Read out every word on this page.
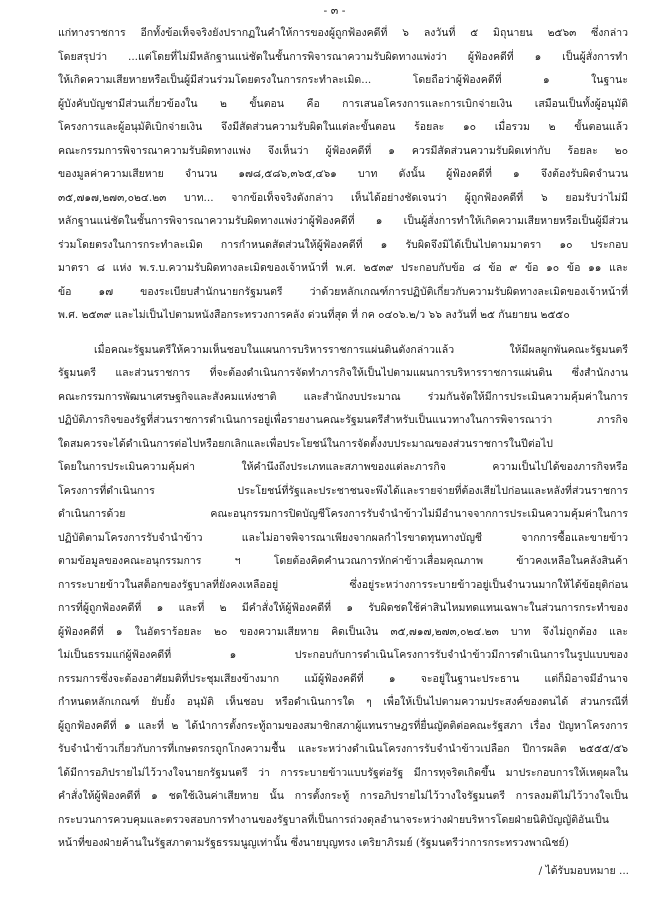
- ๓ -
แก่ทางราชการ อีกทั้งข้อเท็จจริงยังปรากฏในคำให้การของผู้ถูกฟ้องคดีที่ ๖ ลงวันที่ ๕ มิถุนายน ๒๕๖๓ ซึ่งกล่าว
โดยสรุปว่า ...แต่โดยที่ไม่มีหลักฐานแน่ชัดในชั้นการพิจารณาความรับผิดทางแพ่งว่า ผู้ฟ้องคดีที่ ๑ เป็นผู้สั่งการทำ
ให้เกิดความเสียหายหรือเป็นผู้มีส่วนร่วมโดยตรงในการกระทำละเมิด... โดยถือว่าผู้ฟ้องคดีที่ ๑ ในฐานะ
ผู้บังคับบัญชามีส่วนเกี่ยวข้องใน ๒ ขั้นตอน คือ การเสนอโครงการและการเบิกจ่ายเงิน เสมือนเป็นทั้งผู้อนุมัติ
โครงการและผู้อนุมัติเบิกจ่ายเงิน จึงมีสัดส่วนความรับผิดในแต่ละขั้นตอน ร้อยละ ๑๐ เมื่อรวม ๒ ขั้นตอนแล้ว
คณะกรรมการพิจารณาความรับผิดทางแพ่ง จึงเห็นว่า ผู้ฟ้องคดีที่ ๑ ควรมีสัดส่วนความรับผิดเท่ากับ ร้อยละ ๒๐
ของมูลค่าความเสียหาย จำนวน ๑๗๘,๕๘๖,๓๖๕,๔๖๑ บาท ดังนั้น ผู้ฟ้องคดีที่ ๑ จึงต้องรับผิดจำนวน
๓๕,๗๑๗,๒๗๓,๐๒๔.๒๓ บาท... จากข้อเท็จจริงดังกล่าว เห็นได้อย่างชัดเจนว่า ผู้ถูกฟ้องคดีที่ ๖ ยอมรับว่าไม่มี
หลักฐานแน่ชัดในชั้นการพิจารณาความรับผิดทางแพ่งว่าผู้ฟ้องคดีที่ ๑ เป็นผู้สั่งการทำให้เกิดความเสียหายหรือเป็นผู้มีส่วน
ร่วมโดยตรงในการกระทำละเมิด การกำหนดสัดส่วนให้ผู้ฟ้องคดีที่ ๑ รับผิดจึงมิได้เป็นไปตามมาตรา ๑๐ ประกอบ
มาตรา ๘ แห่ง พ.ร.บ.ความรับผิดทางละเมิดของเจ้าหน้าที่ พ.ศ. ๒๕๓๙ ประกอบกับข้อ ๘ ข้อ ๙ ข้อ ๑๐ ข้อ ๑๑ และ
ข้อ ๑๗ ของระเบียบสำนักนายกรัฐมนตรี ว่าด้วยหลักเกณฑ์การปฏิบัติเกี่ยวกับความรับผิดทางละเมิดของเจ้าหน้าที่
พ.ศ. ๒๕๓๙ และไม่เป็นไปตามหนังสือกระทรวงการคลัง ด่วนที่สุด ที่ กค ๐๔๐๖.๒/ว ๖๖ ลงวันที่ ๒๕ กันยายน ๒๕๕๐
เมื่อคณะรัฐมนตรีให้ความเห็นชอบในแผนการบริหารราชการแผ่นดินดังกล่าวแล้ว ให้มีผลผูกพันคณะรัฐมนตรี
รัฐมนตรี และส่วนราชการ ที่จะต้องดำเนินการจัดทำภารกิจให้เป็นไปตามแผนการบริหารราชการแผ่นดิน ซึ่งสำนักงาน
คณะกรรมการพัฒนาเศรษฐกิจและสังคมแห่งชาติ และสำนักงบประมาณ ร่วมกันจัดให้มีการประเมินความคุ้มค่าในการ
ปฏิบัติภารกิจของรัฐที่ส่วนราชการดำเนินการอยู่เพื่อรายงานคณะรัฐมนตรีสำหรับเป็นแนวทางในการพิจารณาว่า ภารกิจ
ใดสมควรจะได้ดำเนินการต่อไปหรือยกเลิกและเพื่อประโยชน์ในการจัดตั้งงบประมาณของส่วนราชการในปีต่อไป
โดยในการประเมินความคุ้มค่า ให้คำนึงถึงประเภทและสภาพของแต่ละภารกิจ ความเป็นไปได้ของภารกิจหรือ
โครงการที่ดำเนินการ ประโยชน์ที่รัฐและประชาชนจะพึงได้และรายจ่ายที่ต้องเสียไปก่อนและหลังที่ส่วนราชการ
ดำเนินการด้วย คณะอนุกรรมการปิดบัญชีโครงการรับจำนำข้าวไม่มีอำนาจจากการประเมินความคุ้มค่าในการ
ปฏิบัติตามโครงการรับจำนำข้าว และไม่อาจพิจารณาเพียงจากผลกำไรขาดทุนทางบัญชี จากการซื้อและขายข้าว
ตามข้อมูลของคณะอนุกรรมการ ฯ โดยต้องคิดคำนวณการหักค่าข้าวเสื่อมคุณภาพ ข้าวคงเหลือในคลังสินค้า
การระบายข้าวในสต็อกของรัฐบาลที่ยังคงเหลืออยู่ ซึ่งอยู่ระหว่างการระบายข้าวอยู่เป็นจำนวนมากให้ได้ข้อยุติก่อน
การที่ผู้ถูกฟ้องคดีที่ ๑ และที่ ๒ มีคำสั่งให้ผู้ฟ้องคดีที่ ๑ รับผิดชดใช้ค่าสินไหมทดแทนเฉพาะในส่วนการกระทำของ
ผู้ฟ้องคดีที่ ๑ ในอัตราร้อยละ ๒๐ ของความเสียหาย คิดเป็นเงิน ๓๕,๗๑๗,๒๗๓,๐๒๔.๒๓ บาท จึงไม่ถูกต้อง และ
ไม่เป็นธรรมแก่ผู้ฟ้องคดีที่ ๑ ประกอบกับการดำเนินโครงการรับจำนำข้าวมีการดำเนินการในรูปแบบของ
กรรมการซึ่งจะต้องอาศัยมติที่ประชุมเสียงข้างมาก แม้ผู้ฟ้องคดีที่ ๑ จะอยู่ในฐานะประธาน แต่ก็มิอาจมีอำนาจ
กำหนดหลักเกณฑ์ ยับยั้ง อนุมัติ เห็นชอบ หรือดำเนินการใด ๆ เพื่อให้เป็นไปตามความประสงค์ของตนได้ ส่วนกรณีที่
ผู้ถูกฟ้องคดีที่ ๑ และที่ ๒ ได้นำการตั้งกระทู้ถามของสมาชิกสภาผู้แทนราษฎรที่ยื่นญัตติต่อคณะรัฐสภา เรื่อง ปัญหาโครงการ
รับจำนำข้าวเกี่ยวกับการที่เกษตรกรถูกโกงความชื้น และระหว่างดำเนินโครงการรับจำนำข้าวเปลือก ปีการผลิต ๒๕๕๕/๕๖
ได้มีการอภิปรายไม่ไว้วางใจนายกรัฐมนตรี ว่า การระบายข้าวแบบรัฐต่อรัฐ มีการทุจริตเกิดขึ้น มาประกอบการให้เหตุผลใน
คำสั่งให้ผู้ฟ้องคดีที่ ๑ ชดใช้เงินค่าเสียหาย นั้น การตั้งกระทู้ การอภิปรายไม่ไว้วางใจรัฐมนตรี การลงมติไม่ไว้วางใจเป็น
กระบวนการควบคุมและตรวจสอบการทำงานของรัฐบาลที่เป็นการถ่วงดุลอำนาจระหว่างฝ่ายบริหารโดยฝ่ายนิติบัญญัติอันเป็น
หน้าที่ของฝ่ายค้านในรัฐสภาตามรัฐธรรมนูญเท่านั้น ซึ่งนายบุญทรง เตริยาภิรมย์ (รัฐมนตรีว่าการกระทรวงพาณิชย์)
/ ได้รับมอบหมาย ...
